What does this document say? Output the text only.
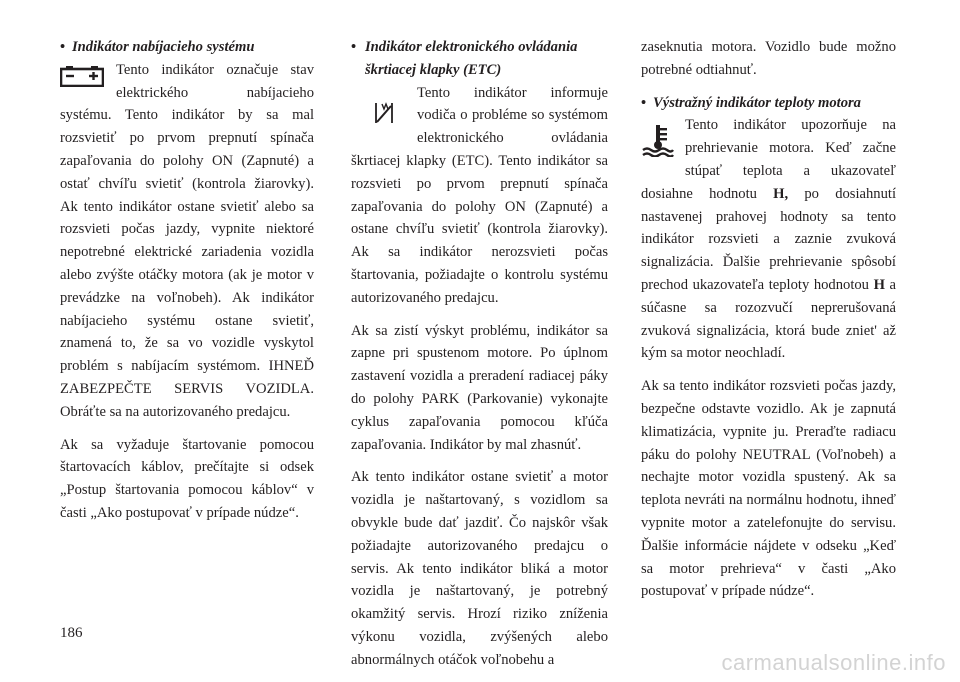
• Indikátor nabíjacieho systému

Tento indikátor označuje stav elektrického nabíjacieho systému. Tento indikátor by sa mal rozsvietiť po prvom prepnutí spínača zapaľovania do polohy ON (Zapnuté) a ostať chvíľu svietiť (kontrola žiarovky). Ak tento indikátor ostane svietiť alebo sa rozsvieti počas jazdy, vypnite niektoré nepotrebné elektrické zariadenia vozidla alebo zvýšte otáčky motora (ak je motor v prevádzke na voľnobeh). Ak indikátor nabíjacieho systému ostane svietiť, znamená to, že sa vo vozidle vyskytol problém s nabíjacím systémom. IHNEĎ ZABEZPEČTE SERVIS VOZIDLA. Obráťte sa na autorizovaného predajcu.

Ak sa vyžaduje štartovanie pomocou štartovacích káblov, prečítajte si odsek „Postup štartovania pomocou káblov“ v časti „Ako postupovať v prípade núdze“.

• Indikátor elektronického ovládania
škrtiacej klapky (ETC)

Tento indikátor informuje vodiča o probléme so systémom elektronického ovládania škrtiacej klapky (ETC). Tento indikátor sa rozsvieti po prvom prepnutí spínača zapaľovania do polohy ON (Zapnuté) a ostane chvíľu svietiť (kontrola žiarovky). Ak sa indikátor nerozsvieti počas štartovania, požiadajte o kontrolu systému autorizovaného predajcu.

Ak sa zistí výskyt problému, indikátor sa zapne pri spustenom motore. Po úplnom zastavení vozidla a preradení radiacej páky do polohy PARK (Parkovanie) vykonajte cyklus zapaľovania pomocou kľúča zapaľovania. Indikátor by mal zhasnúť.

Ak tento indikátor ostane svietiť a motor vozidla je naštartovaný, s vozidlom sa obvykle bude dať jazdiť. Čo najskôr však požiadajte autorizovaného predajcu o servis. Ak tento indikátor bliká a motor vozidla je naštartovaný, je potrebný okamžitý servis. Hrozí riziko zníženia výkonu vozidla, zvýšených alebo abnormálnych otáčok voľnobehu a

zaseknutia motora. Vozidlo bude možno potrebné odtiahnuť.

• Výstražný indikátor teploty motora

Tento indikátor upozorňuje na prehrievanie motora. Keď začne stúpať teplota a ukazovateľ dosiahne hodnotu H, po dosiahnutí nastavenej prahovej hodnoty sa tento indikátor rozsvieti a zaznie zvuková signalizácia. Ďalšie prehrievanie spôsobí prechod ukazovateľa teploty hodnotou H a súčasne sa rozozvučí neprerušovaná zvuková signalizácia, ktorá bude zniet' až kým sa motor neochladí.

Ak sa tento indikátor rozsvieti počas jazdy, bezpečne odstavte vozidlo. Ak je zapnutá klimatizácia, vypnite ju. Preraďte radiacu páku do polohy NEUTRAL (Voľnobeh) a nechajte motor vozidla spustený. Ak sa teplota nevráti na normálnu hodnotu, ihneď vypnite motor a zatelefonujte do servisu. Ďalšie informácie nájdete v odseku „Keď sa motor prehrieva“ v časti „Ako postupovať v prípade núdze“.

186
carmanualsonline.info
